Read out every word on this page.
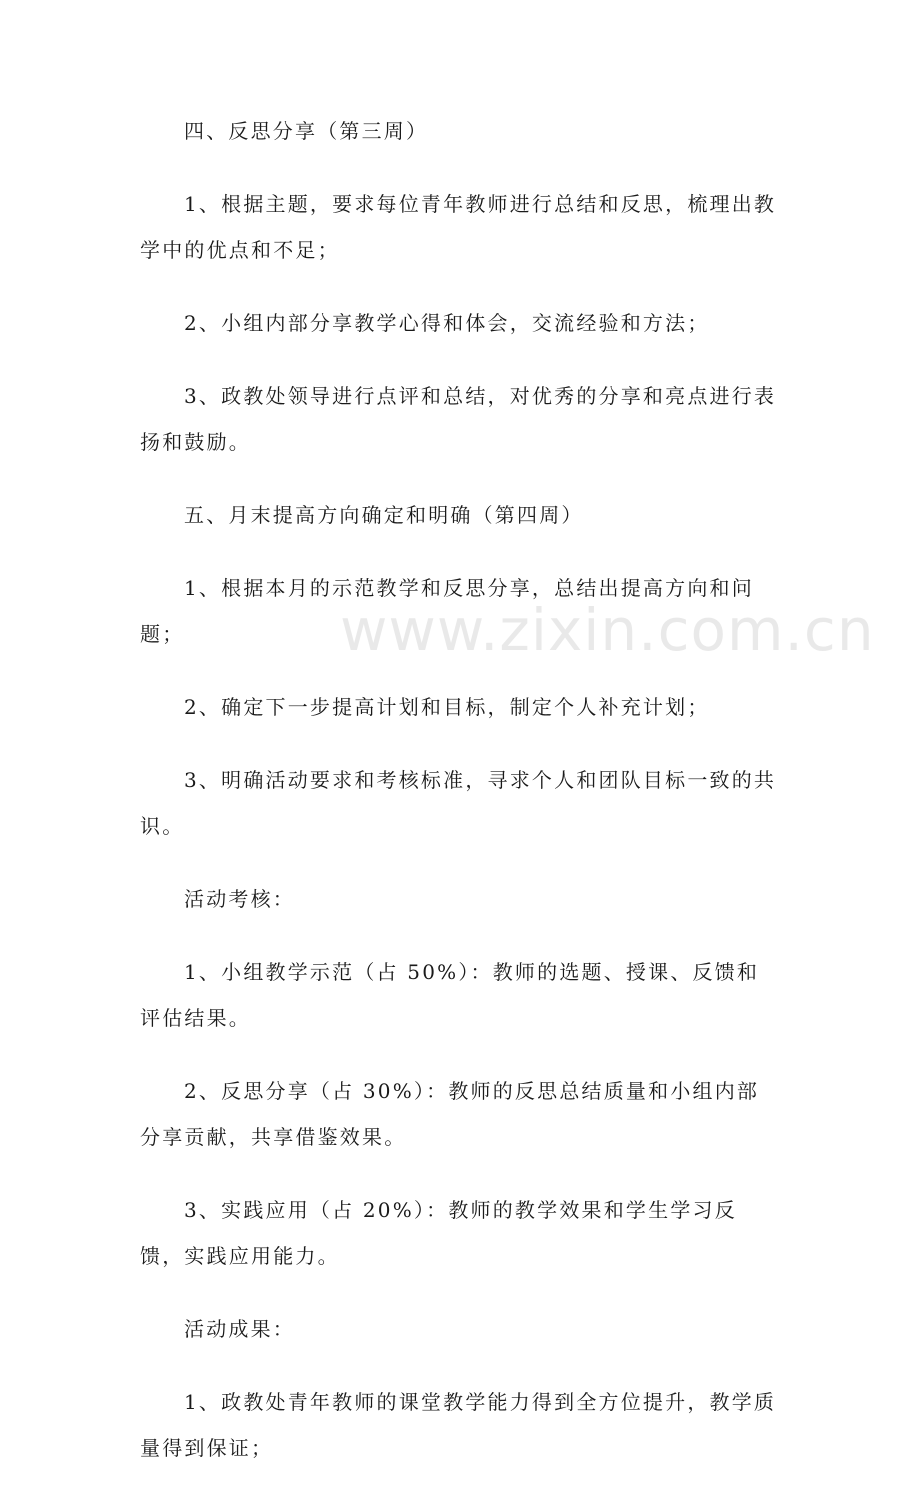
四、反思分享（第三周）

1、根据主题，要求每位青年教师进行总结和反思，梳理出教学中的优点和不足；

2、小组内部分享教学心得和体会，交流经验和方法；

3、政教处领导进行点评和总结，对优秀的分享和亮点进行表扬和鼓励。

五、月末提高方向确定和明确（第四周）

1、根据本月的示范教学和反思分享，总结出提高方向和问题；

2、确定下一步提高计划和目标，制定个人补充计划；

3、明确活动要求和考核标准，寻求个人和团队目标一致的共识。

活动考核：

1、小组教学示范（占 50%）：教师的选题、授课、反馈和评估结果。

2、反思分享（占 30%）：教师的反思总结质量和小组内部分享贡献，共享借鉴效果。

3、实践应用（占 20%）：教师的教学效果和学生学习反馈，实践应用能力。

活动成果：

1、政教处青年教师的课堂教学能力得到全方位提升，教学质量得到保证；

www.zixin.com.cn
